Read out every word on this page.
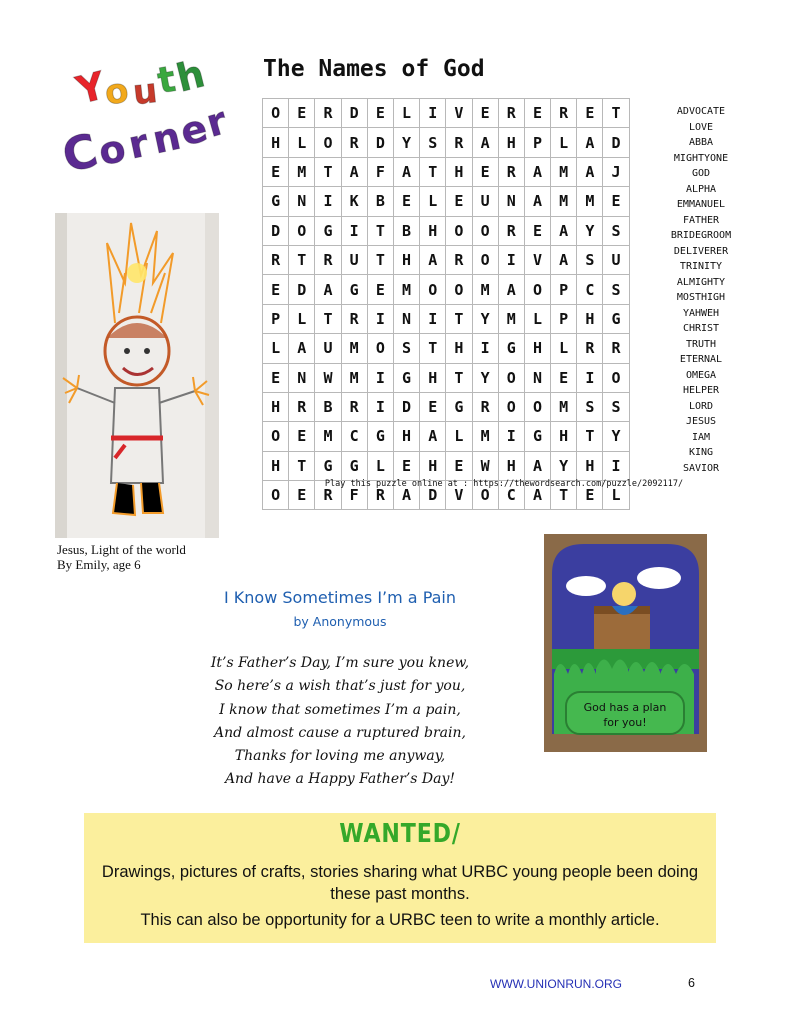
Y
o u
t
h
C
o
r
n
e
r
The Names of God
O	E	R	D	E	L	I	V	E	R	E	R	E	T
H	L	O	R	D	Y	S	R	A	H	P	L	A	D
E	M	T	A	F	A	T	H	E	R	A	M	A	J
G	N	I	K	B	E	L	E	U	N	A	M	M	E
D	O	G	I	T	B	H	O	O	R	E	A	Y	S
R	T	R	U	T	H	A	R	O	I	V	A	S	U
E	D	A	G	E	M	O	O	M	A	O	P	C	S
P	L	T	R	I	N	I	T	Y	M	L	P	H	G
L	A	U	M	O	S	T	H	I	G	H	L	R	R
E	N	W	M	I	G	H	T	Y	O	N	E	I	O
H	R	B	R	I	D	E	G	R	O	O	M	S	S
O	E	M	C	G	H	A	L	M	I	G	H	T	Y
H	T	G	G	L	E	H	E	W	H	A	Y	H	I
O	E	R	F	R	A	D	V	O	C	A	T	E	L
ADVOCATE
LOVE
ABBA
MIGHTYONE
GOD
ALPHA
EMMANUEL
FATHER
BRIDEGROOM
DELIVERER
TRINITY
ALMIGHTY
MOSTHIGH
YAHWEH
CHRIST
TRUTH
ETERNAL
OMEGA
HELPER
LORD
JESUS
IAM
KING
SAVIOR
Play this puzzle online at : https://thewordsearch.com/puzzle/2092117/
Jesus, Light of the world
By Emily, age 6
I Know Sometimes I’m a Pain
by Anonymous
It’s Father’s Day, I’m sure you knew,
So here’s a wish that’s just for you,
I know that sometimes I’m a pain,
And almost cause a ruptured brain,
Thanks for loving me anyway,
And have a Happy Father’s Day!
God has a plan
for you!
WANTED/
Drawings, pictures of crafts, stories sharing what URBC young people been doing
these past months.
This can also be opportunity for a URBC teen to write a monthly article.
WWW.UNIONRUN.ORG	6
